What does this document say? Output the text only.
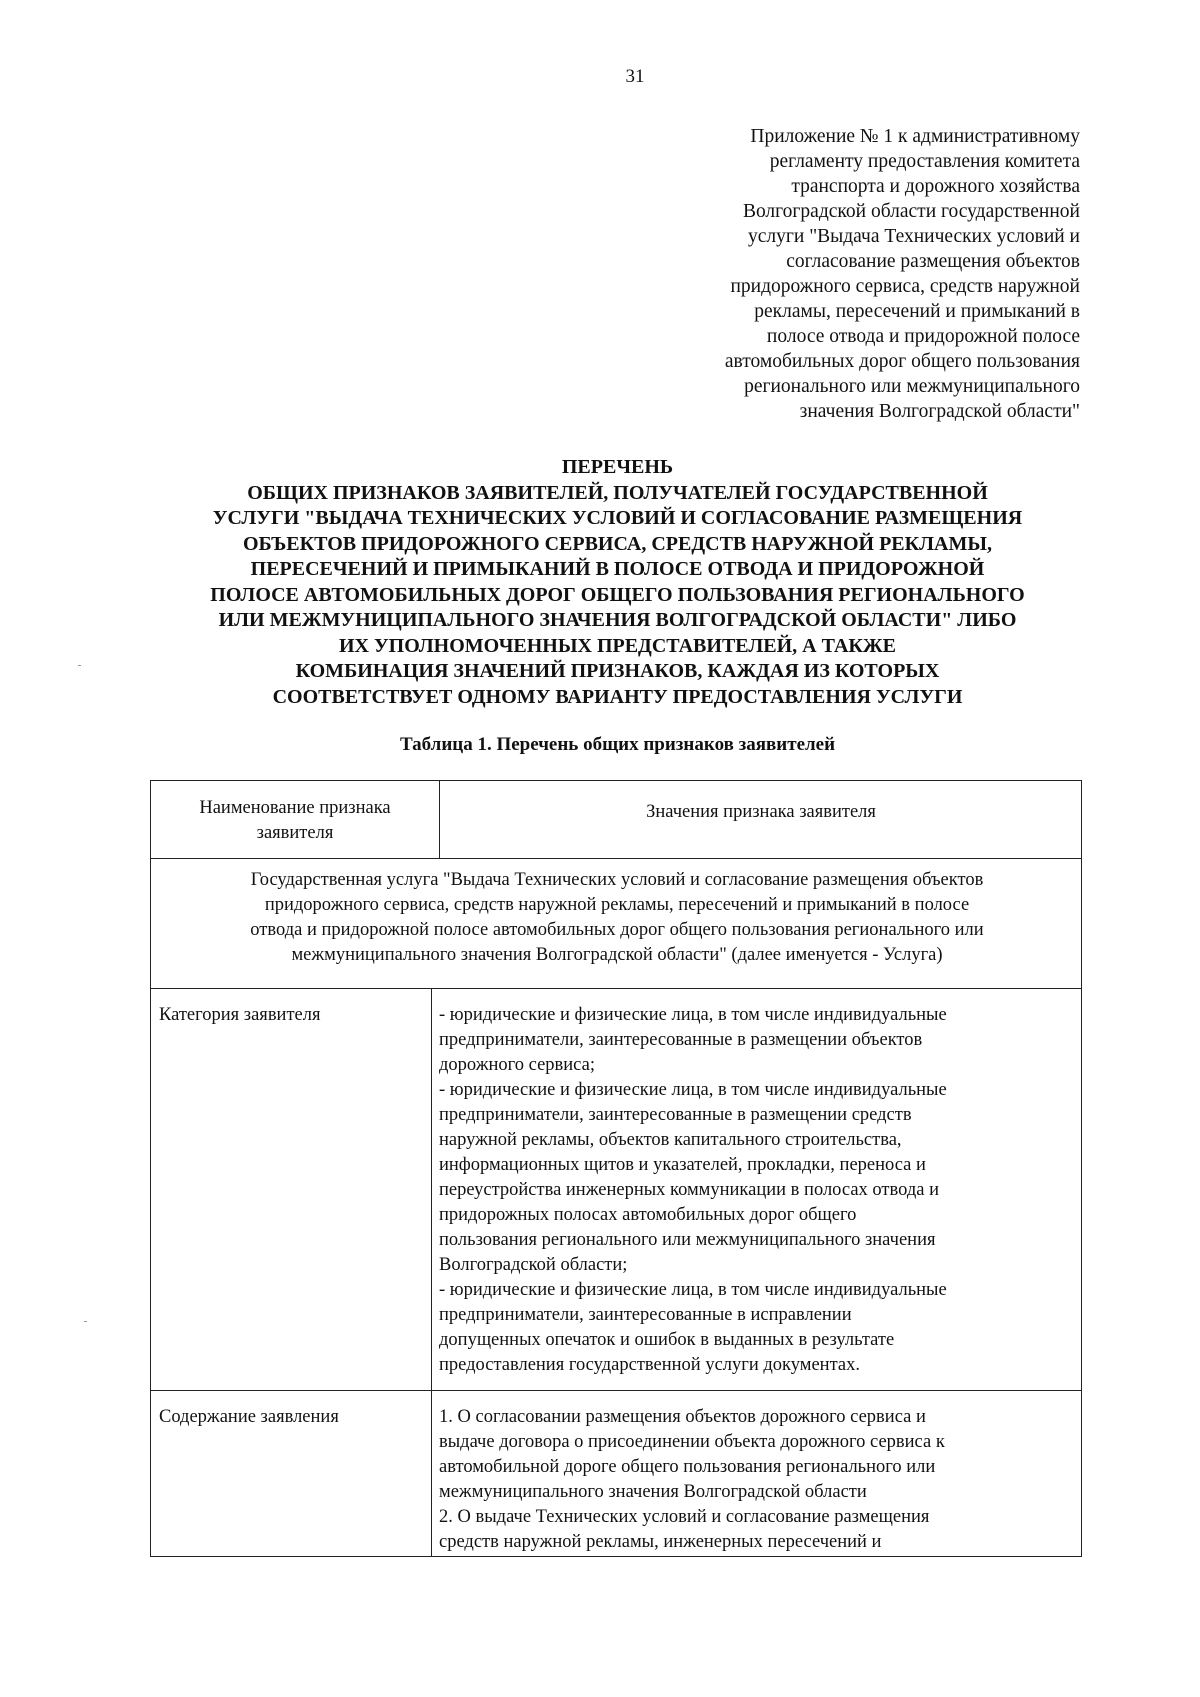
31
Приложение № 1 к административному
регламенту предоставления комитета
транспорта и дорожного хозяйства
Волгоградской области государственной
услуги "Выдача Технических условий и
согласование размещения объектов
придорожного сервиса, средств наружной
рекламы, пересечений и примыканий в
полосе отвода и придорожной полосе
автомобильных дорог общего пользования
регионального или межмуниципального
значения Волгоградской области"
ПЕРЕЧЕНЬ
ОБЩИХ ПРИЗНАКОВ ЗАЯВИТЕЛЕЙ, ПОЛУЧАТЕЛЕЙ ГОСУДАРСТВЕННОЙ
УСЛУГИ "ВЫДАЧА ТЕХНИЧЕСКИХ УСЛОВИЙ И СОГЛАСОВАНИЕ РАЗМЕЩЕНИЯ
ОБЪЕКТОВ ПРИДОРОЖНОГО СЕРВИСА, СРЕДСТВ НАРУЖНОЙ РЕКЛАМЫ,
ПЕРЕСЕЧЕНИЙ И ПРИМЫКАНИЙ В ПОЛОСЕ ОТВОДА И ПРИДОРОЖНОЙ
ПОЛОСЕ АВТОМОБИЛЬНЫХ ДОРОГ ОБЩЕГО ПОЛЬЗОВАНИЯ РЕГИОНАЛЬНОГО
ИЛИ МЕЖМУНИЦИПАЛЬНОГО ЗНАЧЕНИЯ ВОЛГОГРАДСКОЙ ОБЛАСТИ" ЛИБО
ИХ УПОЛНОМОЧЕННЫХ ПРЕДСТАВИТЕЛЕЙ, А ТАКЖЕ
КОМБИНАЦИЯ ЗНАЧЕНИЙ ПРИЗНАКОВ, КАЖДАЯ ИЗ КОТОРЫХ
СООТВЕТСТВУЕТ ОДНОМУ ВАРИАНТУ ПРЕДОСТАВЛЕНИЯ УСЛУГИ
Таблица 1. Перечень общих признаков заявителей
Наименование признака
заявителя
Значения признака заявителя
Государственная услуга "Выдача Технических условий и согласование размещения объектов
придорожного сервиса, средств наружной рекламы, пересечений и примыканий в полосе
отвода и придорожной полосе автомобильных дорог общего пользования регионального или
межмуниципального значения Волгоградской области" (далее именуется - Услуга)
Категория заявителя	- юридические и физические лица, в том числе индивидуальные
предприниматели, заинтересованные в размещении объектов
дорожного сервиса;
- юридические и физические лица, в том числе индивидуальные
предприниматели, заинтересованные в размещении средств
наружной рекламы, объектов капитального строительства,
информационных щитов и указателей, прокладки, переноса и
переустройства инженерных коммуникации в полосах отвода и
придорожных полосах автомобильных дорог общего
пользования регионального или межмуниципального значения
Волгоградской области;
- юридические и физические лица, в том числе индивидуальные
предприниматели, заинтересованные в исправлении
допущенных опечаток и ошибок в выданных в результате
предоставления государственной услуги документах.
Содержание заявления	1. О согласовании размещения объектов дорожного сервиса и
выдаче договора о присоединении объекта дорожного сервиса к
автомобильной дороге общего пользования регионального или
межмуниципального значения Волгоградской области
2. О выдаче Технических условий и согласование размещения
средств наружной рекламы, инженерных пересечений и
